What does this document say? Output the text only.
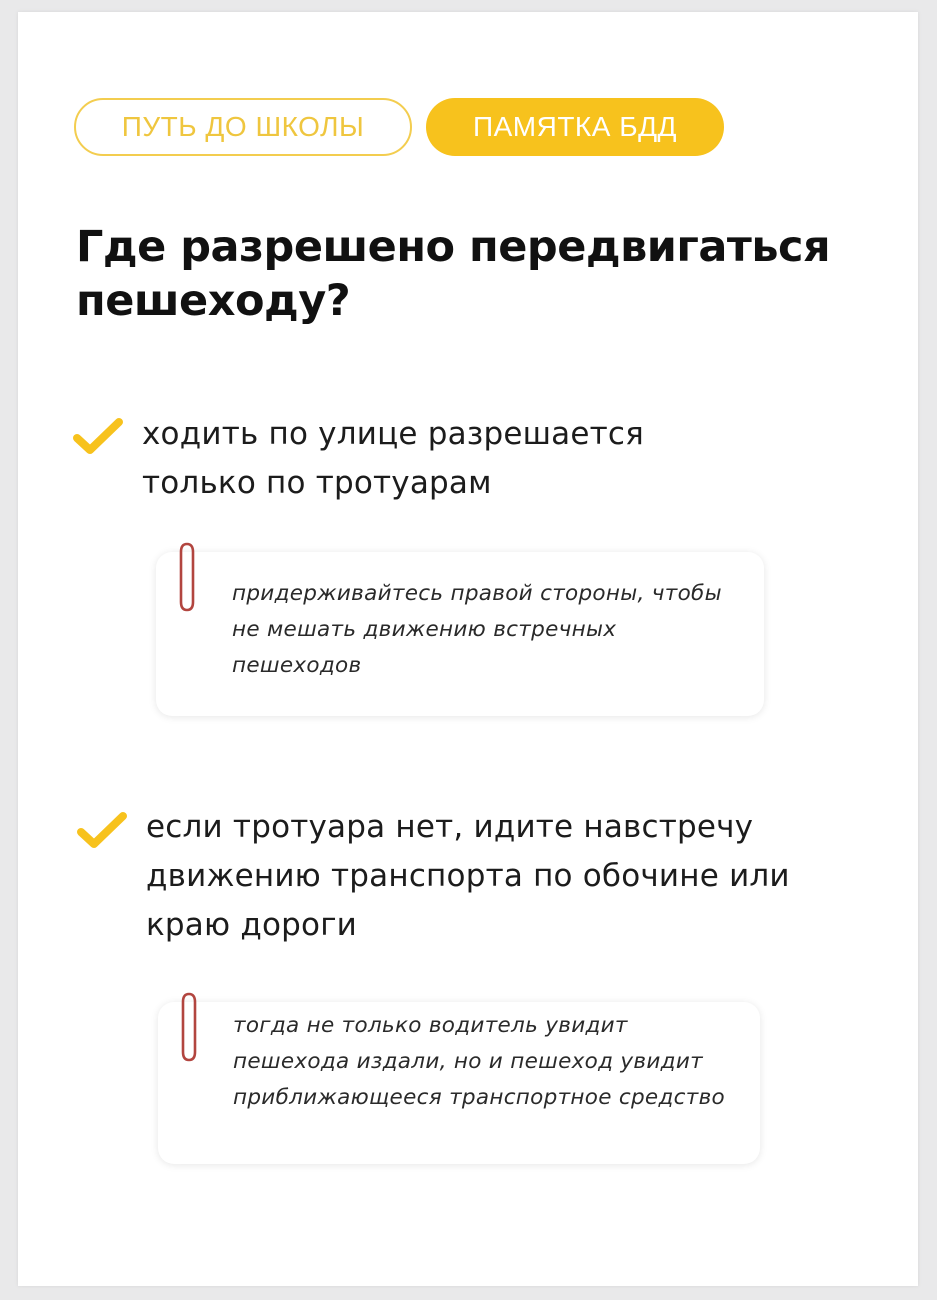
ПУТЬ ДО ШКОЛЫ	ПАМЯТКА БДД
Где разрешено передвигаться пешеходу?
ходить по улице разрешается только по тротуарам
придерживайтесь правой стороны, чтобы не мешать движению встречных пешеходов
если тротуара нет, идите навстречу движению транспорта по обочине или краю дороги
тогда не только водитель увидит пешехода издали, но и пешеход увидит приближающееся транспортное средство
